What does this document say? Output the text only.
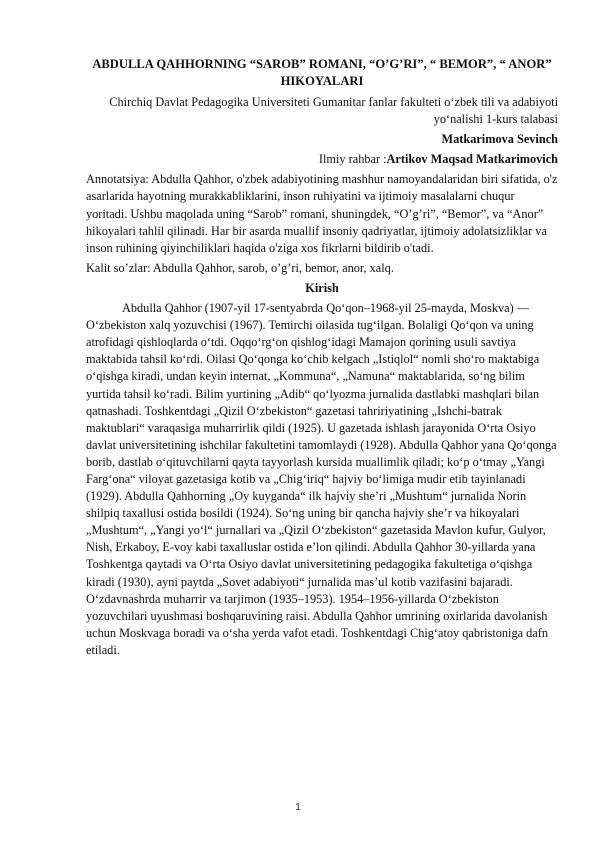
ABDULLA QAHHORNING “SAROB” ROMANI, “O’G’RI”, “ BEMOR”, “ ANOR” HIKOYALARI

Chirchiq Davlat Pedagogika Universiteti Gumanitar fanlar fakulteti o‘zbek tili va adabiyoti yo‘nalishi 1-kurs talabasi

Matkarimova Sevinch

Ilmiy rahbar :Artikov Maqsad Matkarimovich

Annotatsiya: Abdulla Qahhor, o'zbek adabiyotining mashhur namoyandalaridan biri sifatida, o'z asarlarida hayotning murakkabliklarini, inson ruhiyatini va ijtimoiy masalalarni chuqur yoritadi. Ushbu maqolada uning “Sarob” romani, shuningdek, “O’g’ri”, “Bemor”, va “Anor” hikoyalari tahlil qilinadi. Har bir asarda muallif insoniy qadriyatlar, ijtimoiy adolatsizliklar va inson ruhining qiyinchiliklari haqida o'ziga xos fikrlarni bildirib o'tadi.

Kalit so’zlar: Abdulla Qahhor, sarob, o’g’ri, bemor, anor, xalq.

Kirish

Abdulla Qahhor (1907-yil 17-sentyabrda Qo‘qon–1968-yil 25-mayda, Moskva) — O‘zbekiston xalq yozuvchisi (1967). Temirchi oilasida tug‘ilgan. Bolaligi Qo‘qon va uning atrofidagi qishloqlarda o‘tdi. Oqqo‘rg‘on qishlog‘idagi Mamajon qorining usuli savtiya maktabida tahsil ko‘rdi. Oilasi Qo‘qonga ko‘chib kelgach „Istiqlol“ nomli sho‘ro maktabiga o‘qishga kiradi, undan keyin internat, „Kommuna“, „Namuna“ maktablarida, so‘ng bilim yurtida tahsil ko‘radi. Bilim yurtining „Adib“ qo‘lyozma jurnalida dastlabki mashqlari bilan qatnashadi. Toshkentdagi „Qizil O‘zbekiston“ gazetasi tahririyatining „Ishchi-batrak maktublari“ varaqasiga muharrirlik qildi (1925). U gazetada ishlash jarayonida O‘rta Osiyo davlat universitetining ishchilar fakultetini tamomlaydi (1928). Abdulla Qahhor yana Qo‘qonga borib, dastlab o‘qituvchilarni qayta tayyorlash kursida muallimlik qiladi; ko‘p o‘tmay „Yangi Farg‘ona“ viloyat gazetasiga kotib va „Chig‘iriq“ hajviy bo‘limiga mudir etib tayinlanadi (1929). Abdulla Qahhorning „Oy kuyganda“ ilk hajviy she’ri „Mushtum“ jurnalida Norin shilpiq taxallusi ostida bosildi (1924). So‘ng uning bir qancha hajviy she’r va hikoyalari „Mushtum“, „Yangi yo‘l“ jurnallari va „Qizil O‘zbekiston“ gazetasida Mavlon kufur, Gulyor, Nish, Erkaboy, E-voy kabi taxalluslar ostida e’lon qilindi. Abdulla Qahhor 30-yillarda yana Toshkentga qaytadi va O‘rta Osiyo davlat universitetining pedagogika fakultetiga o‘qishga kiradi (1930), ayni paytda „Sovet adabiyoti“ jurnalida mas’ul kotib vazifasini bajaradi. O‘zdavnashrda muharrir va tarjimon (1935–1953). 1954–1956-yillarda O‘zbekiston yozuvchilari uyushmasi boshqaruvining raisi. Abdulla Qahhor umrining oxirlarida davolanish uchun Moskvaga boradi va o‘sha yerda vafot etadi. Toshkentdagi Chig‘atoy qabristoniga dafn etiladi.

1
